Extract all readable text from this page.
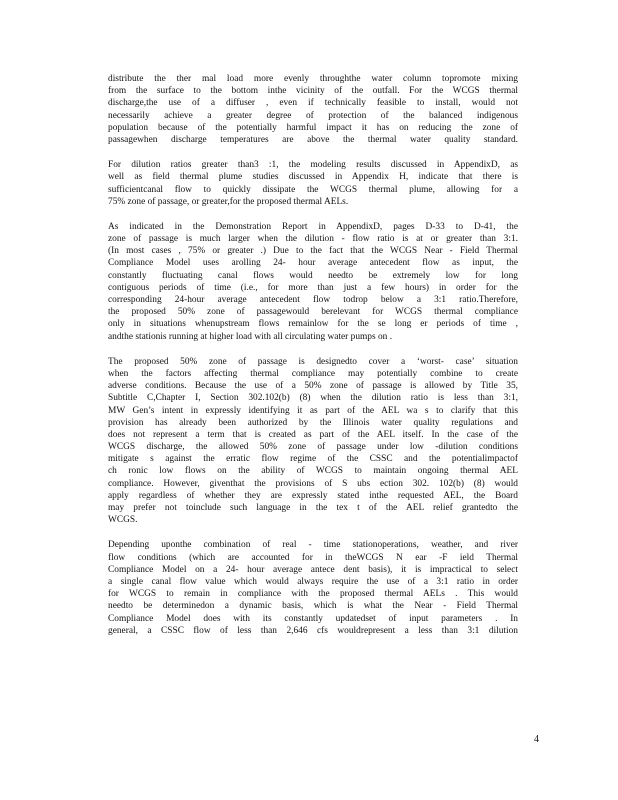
distribute the ther mal load more evenly throughthe water column topromote mixing
from the surface to the bottom inthe vicinity of the outfall. For the WCGS thermal
discharge,the use of a diffuser , even if technically feasible to install, would not
necessarily achieve a greater degree of protection of the balanced indigenous
population because of the potentially harmful impact it has on reducing the zone of
passagewhen discharge temperatures are above the thermal water quality standard.

For dilution ratios greater than3 :1, the modeling results discussed in AppendixD, as
well as field thermal plume studies discussed in Appendix H, indicate that there is
sufficientcanal flow to quickly dissipate the WCGS thermal plume, allowing for a
75% zone of passage, or greater,for the proposed thermal AELs.

As indicated in the Demonstration Report in AppendixD, pages D-33 to D-41, the
zone of passage is much larger when the dilution - flow ratio is at or greater than 3:1.
(In most cases , 75% or greater .) Due to the fact that the WCGS Near - Field Thermal
Compliance Model uses arolling 24- hour average antecedent flow as input, the
constantly fluctuating canal flows would needto be extremely low for long
contiguous periods of time (i.e., for more than just a few hours) in order for the
corresponding 24-hour average antecedent flow todrop below a 3:1 ratio.Therefore,
the proposed 50% zone of passagewould berelevant for WCGS thermal compliance
only in situations whenupstream flows remainlow for the se long er periods of time ,
andthe stationis running at higher load with all circulating water pumps on .

The proposed 50% zone of passage is designedto cover a ‘worst- case’ situation
when the factors affecting thermal compliance may potentially combine to create
adverse conditions. Because the use of a 50% zone of passage is allowed by Title 35,
Subtitle C,Chapter I, Section 302.102(b) (8) when the dilution ratio is less than 3:1,
MW Gen’s intent in expressly identifying it as part of the AEL wa s to clarify that this
provision has already been authorized by the Illinois water quality regulations and
does not represent a term that is created as part of the AEL itself. In the case of the
WCGS discharge, the allowed 50% zone of passage under low -dilution conditions
mitigate s against the erratic flow regime of the CSSC and the potentialimpactof
ch ronic low flows on the ability of WCGS to maintain ongoing thermal AEL
compliance. However, giventhat the provisions of S ubs ection 302. 102(b) (8) would
apply regardless of whether they are expressly stated inthe requested AEL, the Board
may prefer not toinclude such language in the tex t of the AEL relief grantedto the
WCGS.

Depending uponthe combination of real - time stationoperations, weather, and river
flow conditions (which are accounted for in theWCGS N ear -F ield Thermal
Compliance Model on a 24- hour average antece dent basis), it is impractical to select
a single canal flow value which would always require the use of a 3:1 ratio in order
for WCGS to remain in compliance with the proposed thermal AELs . This would
needto be determinedon a dynamic basis, which is what the Near - Field Thermal
Compliance Model does with its constantly updatedset of input parameters . In
general, a CSSC flow of less than 2,646 cfs wouldrepresent a less than 3:1 dilution

4
